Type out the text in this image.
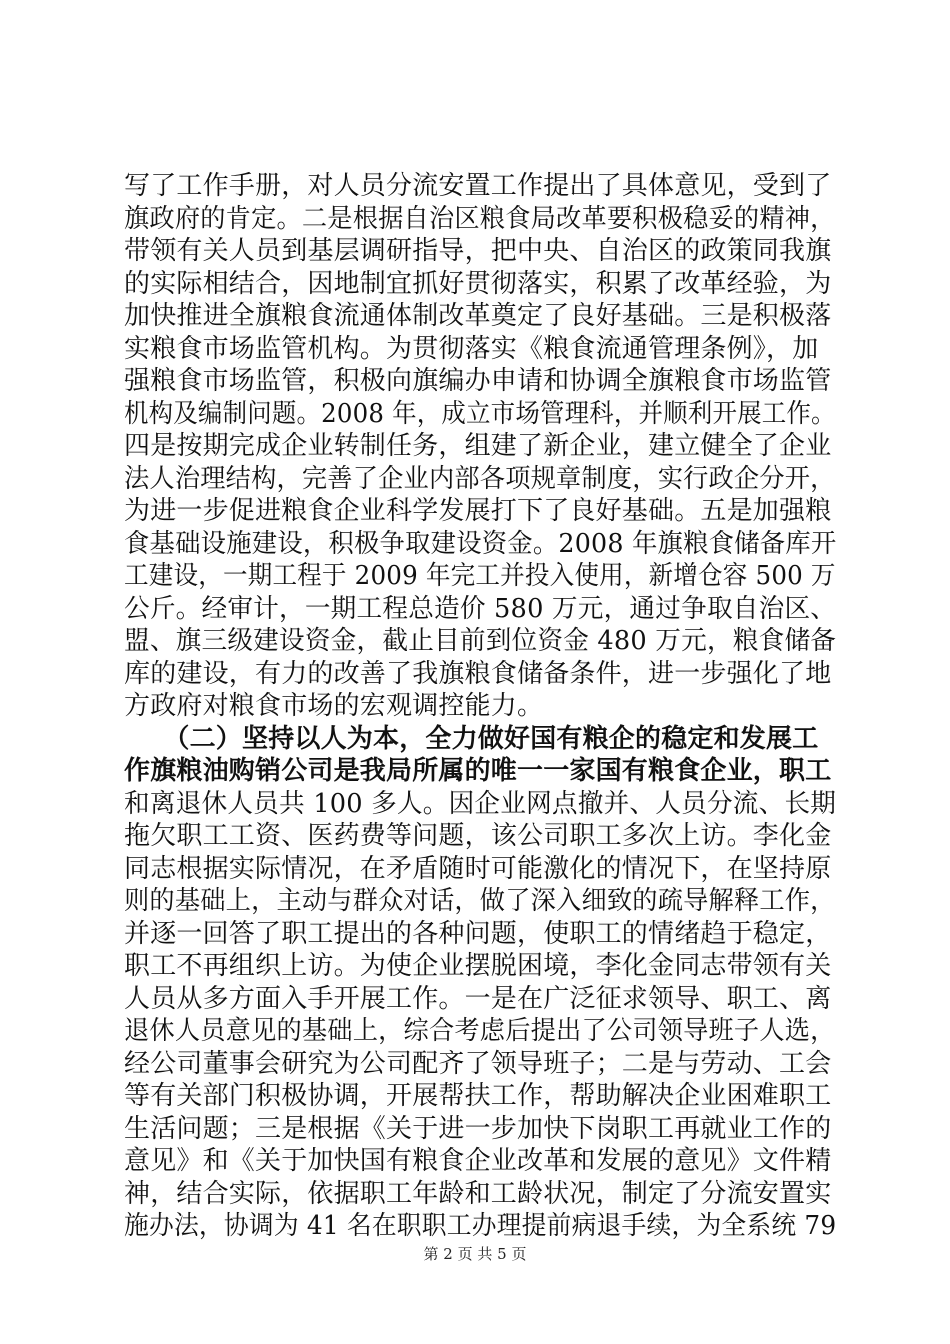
写了工作手册，对人员分流安置工作提出了具体意见，受到了
旗政府的肯定。二是根据自治区粮食局改革要积极稳妥的精神，
带领有关人员到基层调研指导，把中央、自治区的政策同我旗
的实际相结合，因地制宜抓好贯彻落实，积累了改革经验，为
加快推进全旗粮食流通体制改革奠定了良好基础。三是积极落
实粮食市场监管机构。为贯彻落实《粮食流通管理条例》，加
强粮食市场监管，积极向旗编办申请和协调全旗粮食市场监管
机构及编制问题。2008 年，成立市场管理科，并顺利开展工作。
四是按期完成企业转制任务，组建了新企业，建立健全了企业
法人治理结构，完善了企业内部各项规章制度，实行政企分开，
为进一步促进粮食企业科学发展打下了良好基础。五是加强粮
食基础设施建设，积极争取建设资金。2008 年旗粮食储备库开
工建设，一期工程于 2009 年完工并投入使用，新增仓容 500 万
公斤。经审计，一期工程总造价 580 万元，通过争取自治区、
盟、旗三级建设资金，截止目前到位资金 480 万元，粮食储备
库的建设，有力的改善了我旗粮食储备条件，进一步强化了地
方政府对粮食市场的宏观调控能力。
　　（二）坚持以人为本，全力做好国有粮企的稳定和发展工
作旗粮油购销公司是我局所属的唯一一家国有粮食企业，职工
和离退休人员共 100 多人。因企业网点撤并、人员分流、长期
拖欠职工工资、医药费等问题，该公司职工多次上访。李化金
同志根据实际情况，在矛盾随时可能激化的情况下，在坚持原
则的基础上，主动与群众对话，做了深入细致的疏导解释工作，
并逐一回答了职工提出的各种问题，使职工的情绪趋于稳定，
职工不再组织上访。为使企业摆脱困境，李化金同志带领有关
人员从多方面入手开展工作。一是在广泛征求领导、职工、离
退休人员意见的基础上，综合考虑后提出了公司领导班子人选，
经公司董事会研究为公司配齐了领导班子；二是与劳动、工会
等有关部门积极协调，开展帮扶工作，帮助解决企业困难职工
生活问题；三是根据《关于进一步加快下岗职工再就业工作的
意见》和《关于加快国有粮食企业改革和发展的意见》文件精
神，结合实际，依据职工年龄和工龄状况，制定了分流安置实
施办法，协调为 41 名在职职工办理提前病退手续，为全系统 79
第 2 页 共 5 页
